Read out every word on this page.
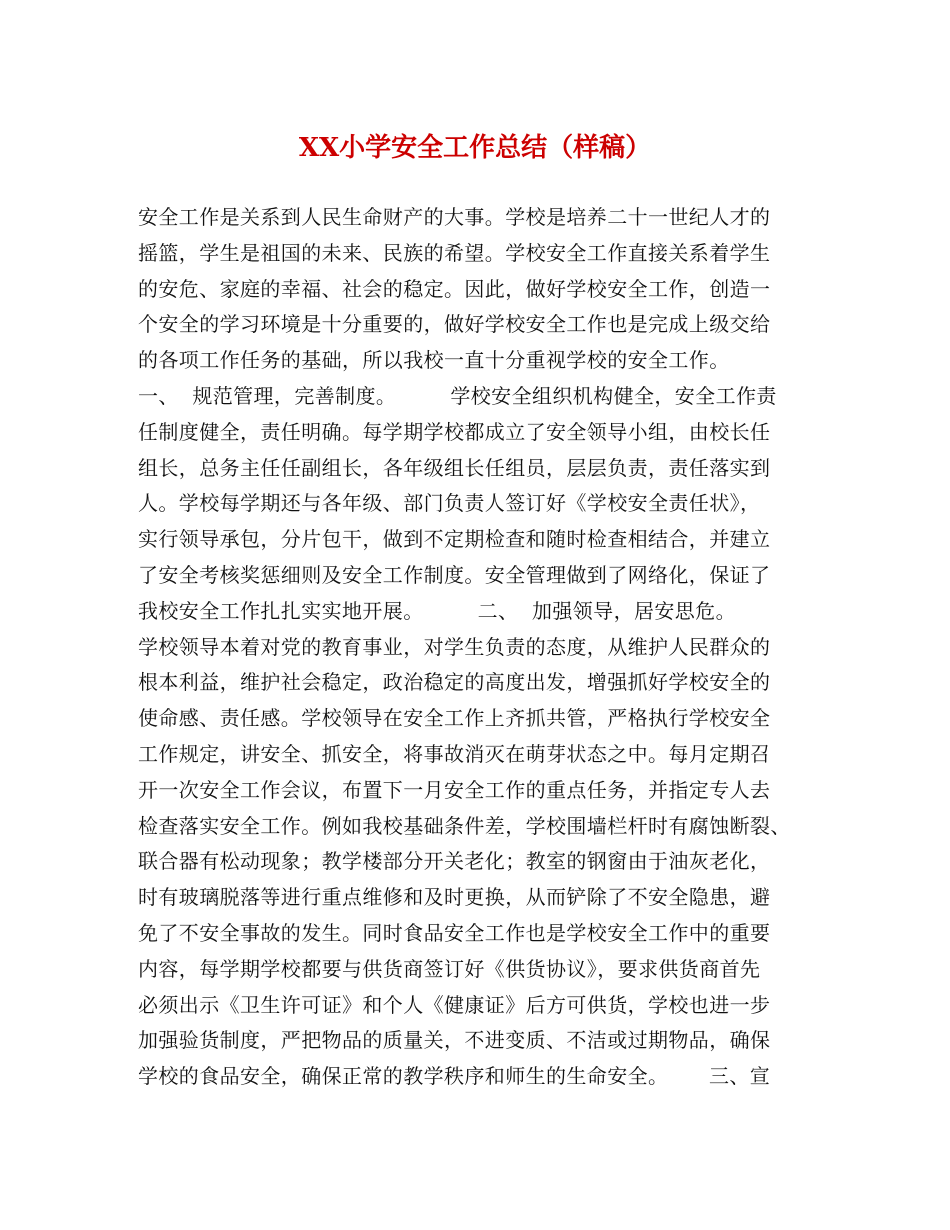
XX小学安全工作总结（样稿）
安全工作是关系到人民生命财产的大事。学校是培养二十一世纪人才的
摇篮，学生是祖国的未来、民族的希望。学校安全工作直接关系着学生
的安危、家庭的幸福、社会的稳定。因此，做好学校安全工作，创造一
个安全的学习环境是十分重要的，做好学校安全工作也是完成上级交给
的各项工作任务的基础，所以我校一直十分重视学校的安全工作。
一、  规范管理，完善制度。        学校安全组织机构健全，安全工作责
任制度健全，责任明确。每学期学校都成立了安全领导小组，由校长任
组长，总务主任任副组长，各年级组长任组员，层层负责，责任落实到
人。学校每学期还与各年级、部门负责人签订好《学校安全责任状》，
实行领导承包，分片包干，做到不定期检查和随时检查相结合，并建立
了安全考核奖惩细则及安全工作制度。安全管理做到了网络化，保证了
我校安全工作扎扎实实地开展。        二、  加强领导，居安思危。
学校领导本着对党的教育事业，对学生负责的态度，从维护人民群众的
根本利益，维护社会稳定，政治稳定的高度出发，增强抓好学校安全的
使命感、责任感。学校领导在安全工作上齐抓共管，严格执行学校安全
工作规定，讲安全、抓安全，将事故消灭在萌芽状态之中。每月定期召
开一次安全工作会议，布置下一月安全工作的重点任务，并指定专人去
检查落实安全工作。例如我校基础条件差，学校围墙栏杆时有腐蚀断裂、
联合器有松动现象；教学楼部分开关老化；教室的钢窗由于油灰老化，
时有玻璃脱落等进行重点维修和及时更换，从而铲除了不安全隐患，避
免了不安全事故的发生。同时食品安全工作也是学校安全工作中的重要
内容，每学期学校都要与供货商签订好《供货协议》，要求供货商首先
必须出示《卫生许可证》和个人《健康证》后方可供货，学校也进一步
加强验货制度，严把物品的质量关，不进变质、不洁或过期物品，确保
学校的食品安全，确保正常的教学秩序和师生的生命安全。      三、宣
